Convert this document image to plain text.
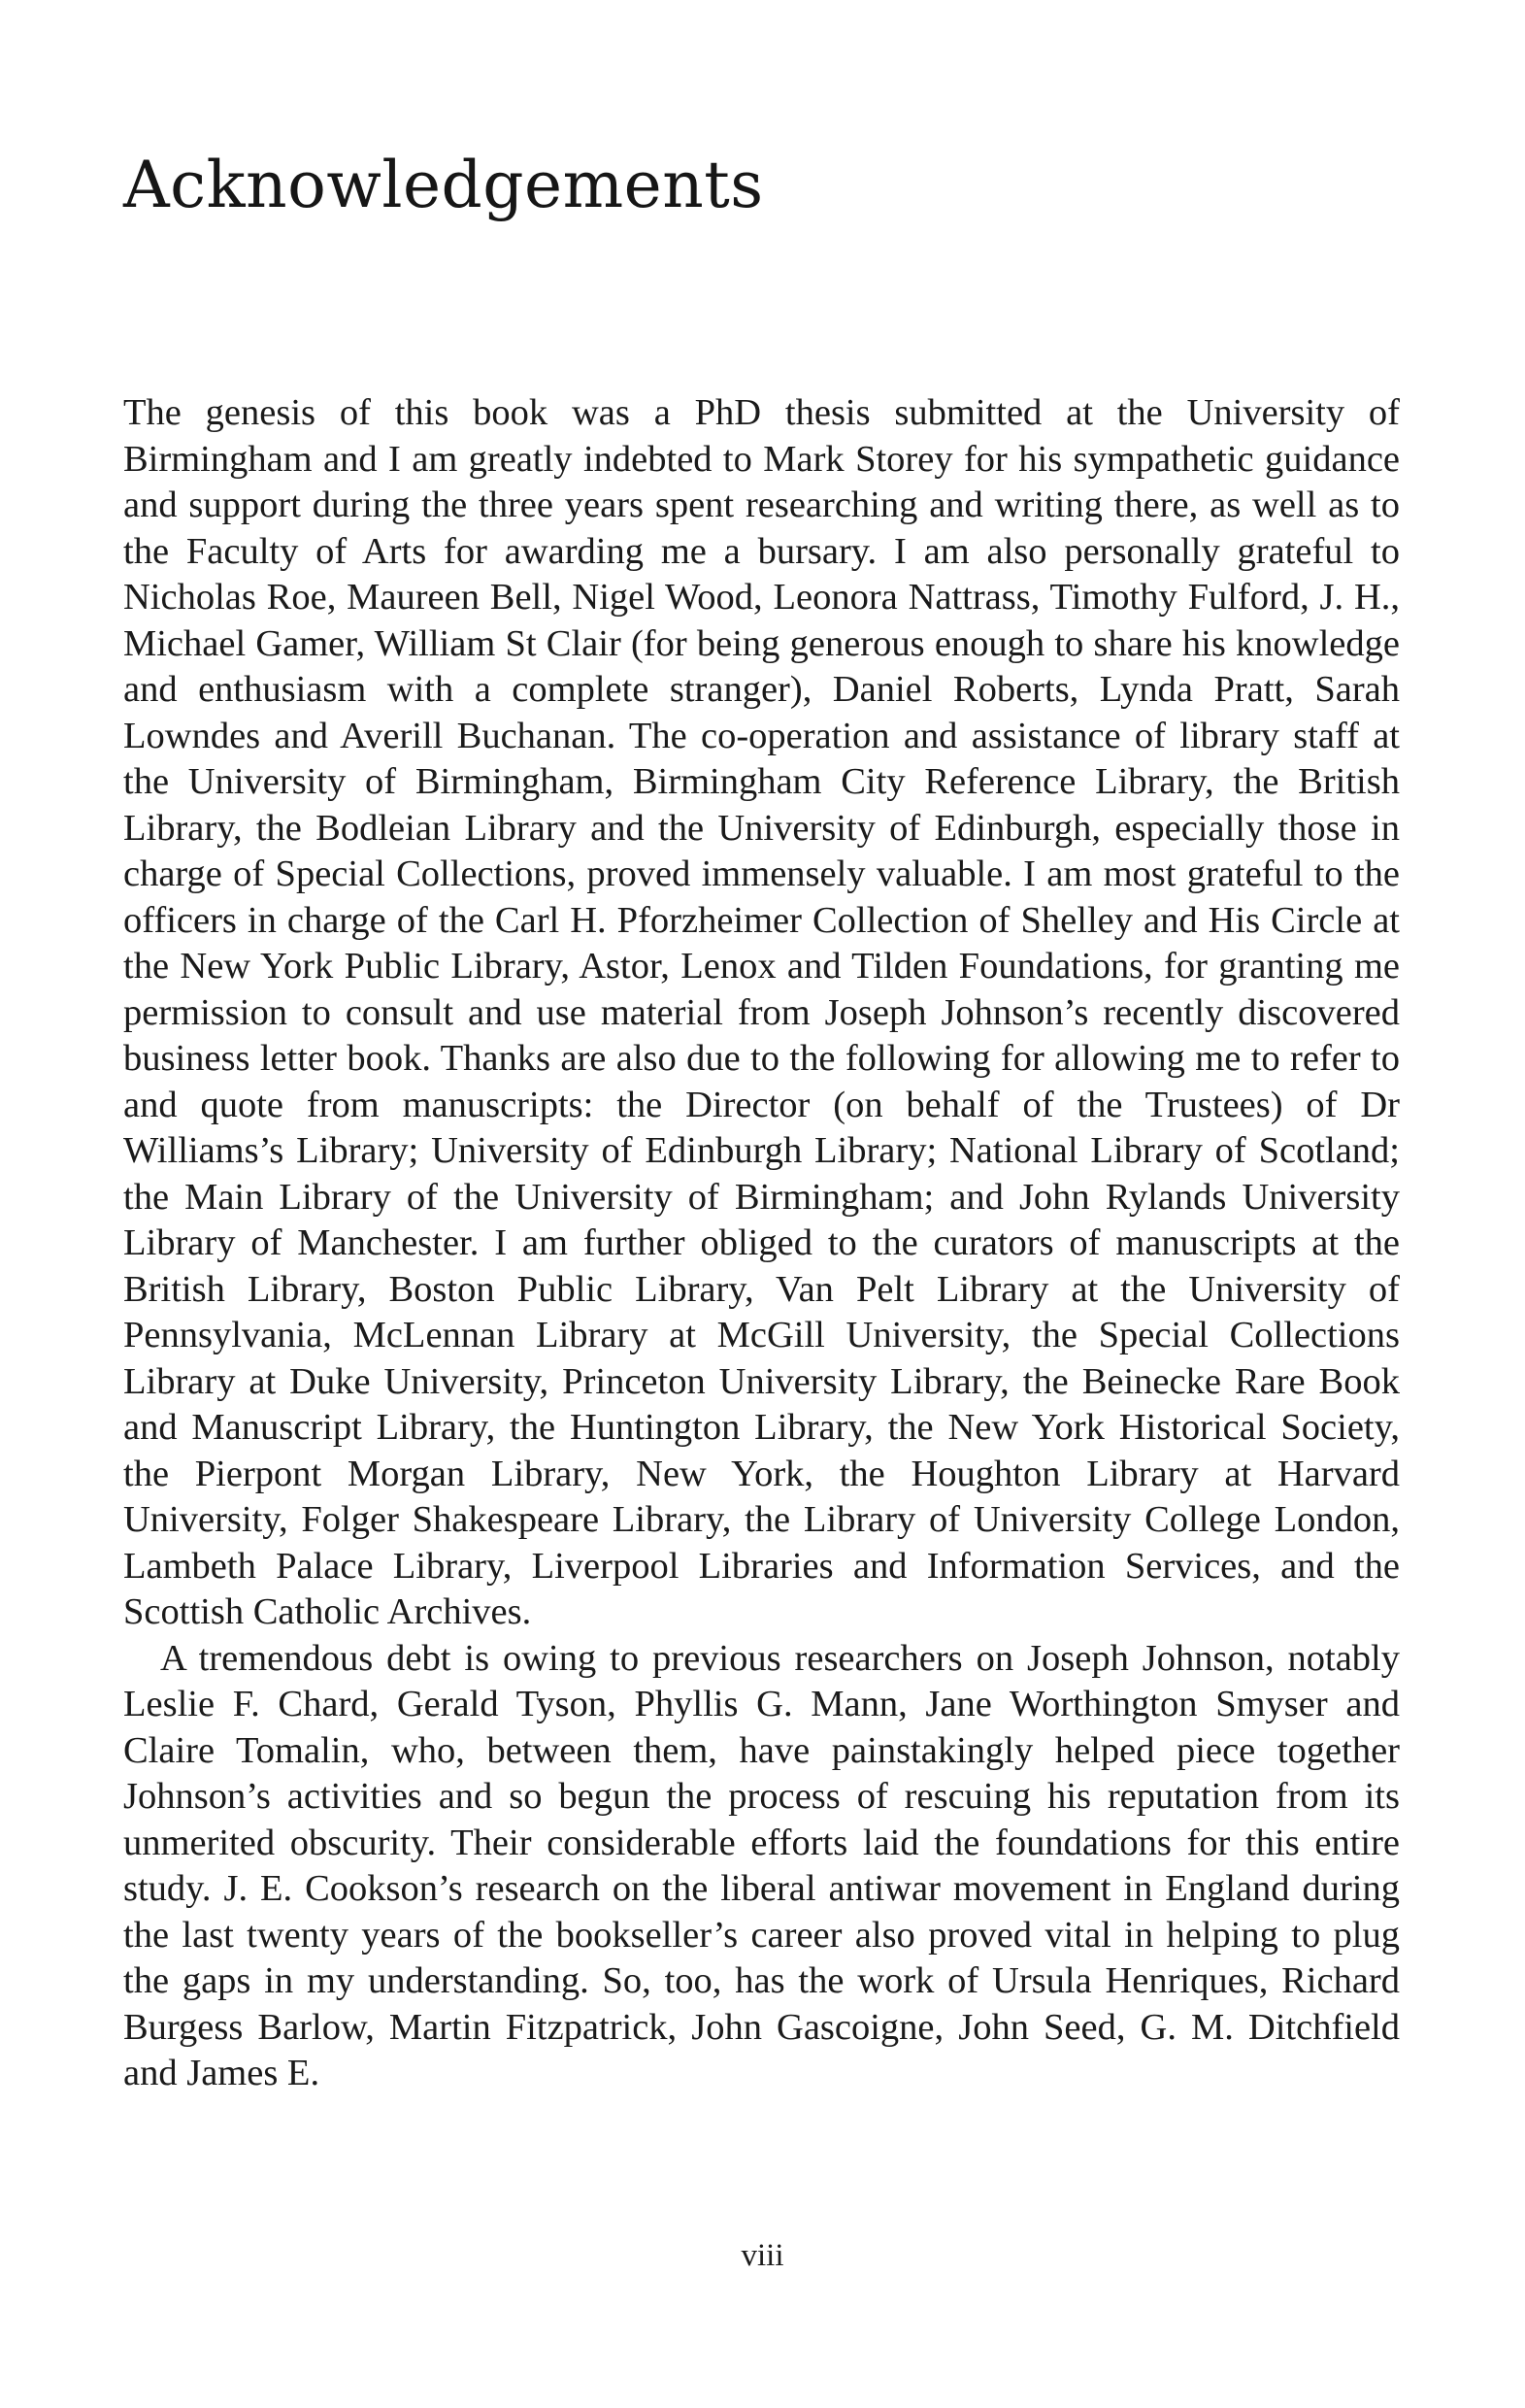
Acknowledgements

The genesis of this book was a PhD thesis submitted at the University of Birmingham and I am greatly indebted to Mark Storey for his sympathetic guidance and support during the three years spent researching and writing there, as well as to the Faculty of Arts for awarding me a bursary. I am also personally grateful to Nicholas Roe, Maureen Bell, Nigel Wood, Leonora Nattrass, Timothy Fulford, J. H., Michael Gamer, William St Clair (for being generous enough to share his knowledge and enthusiasm with a complete stranger), Daniel Roberts, Lynda Pratt, Sarah Lowndes and Averill Buchanan. The co-operation and assistance of library staff at the University of Birmingham, Birmingham City Reference Library, the British Library, the Bodleian Library and the University of Edinburgh, especially those in charge of Special Collections, proved immensely valuable. I am most grateful to the officers in charge of the Carl H. Pforzheimer Collection of Shelley and His Circle at the New York Public Library, Astor, Lenox and Tilden Foundations, for granting me permission to consult and use material from Joseph Johnson’s recently discovered business letter book. Thanks are also due to the following for allowing me to refer to and quote from manuscripts: the Director (on behalf of the Trustees) of Dr Williams’s Library; University of Edinburgh Library; National Library of Scotland; the Main Library of the University of Birmingham; and John Rylands University Library of Manchester. I am further obliged to the curators of manuscripts at the British Library, Boston Public Library, Van Pelt Library at the University of Pennsylvania, McLennan Library at McGill University, the Special Collections Library at Duke University, Princeton University Library, the Beinecke Rare Book and Manuscript Library, the Huntington Library, the New York Historical Society, the Pierpont Morgan Library, New York, the Houghton Library at Harvard University, Folger Shakespeare Library, the Library of University College London, Lambeth Palace Library, Liverpool Libraries and Information Services, and the Scottish Catholic Archives.

A tremendous debt is owing to previous researchers on Joseph Johnson, notably Leslie F. Chard, Gerald Tyson, Phyllis G. Mann, Jane Worthington Smyser and Claire Tomalin, who, between them, have painstakingly helped piece together Johnson’s activities and so begun the process of rescuing his reputation from its unmerited obscurity. Their considerable efforts laid the foundations for this entire study. J. E. Cookson’s research on the liberal antiwar movement in England during the last twenty years of the bookseller’s career also proved vital in helping to plug the gaps in my understanding. So, too, has the work of Ursula Henriques, Richard Burgess Barlow, Martin Fitzpatrick, John Gascoigne, John Seed, G. M. Ditchfield and James E.

viii
